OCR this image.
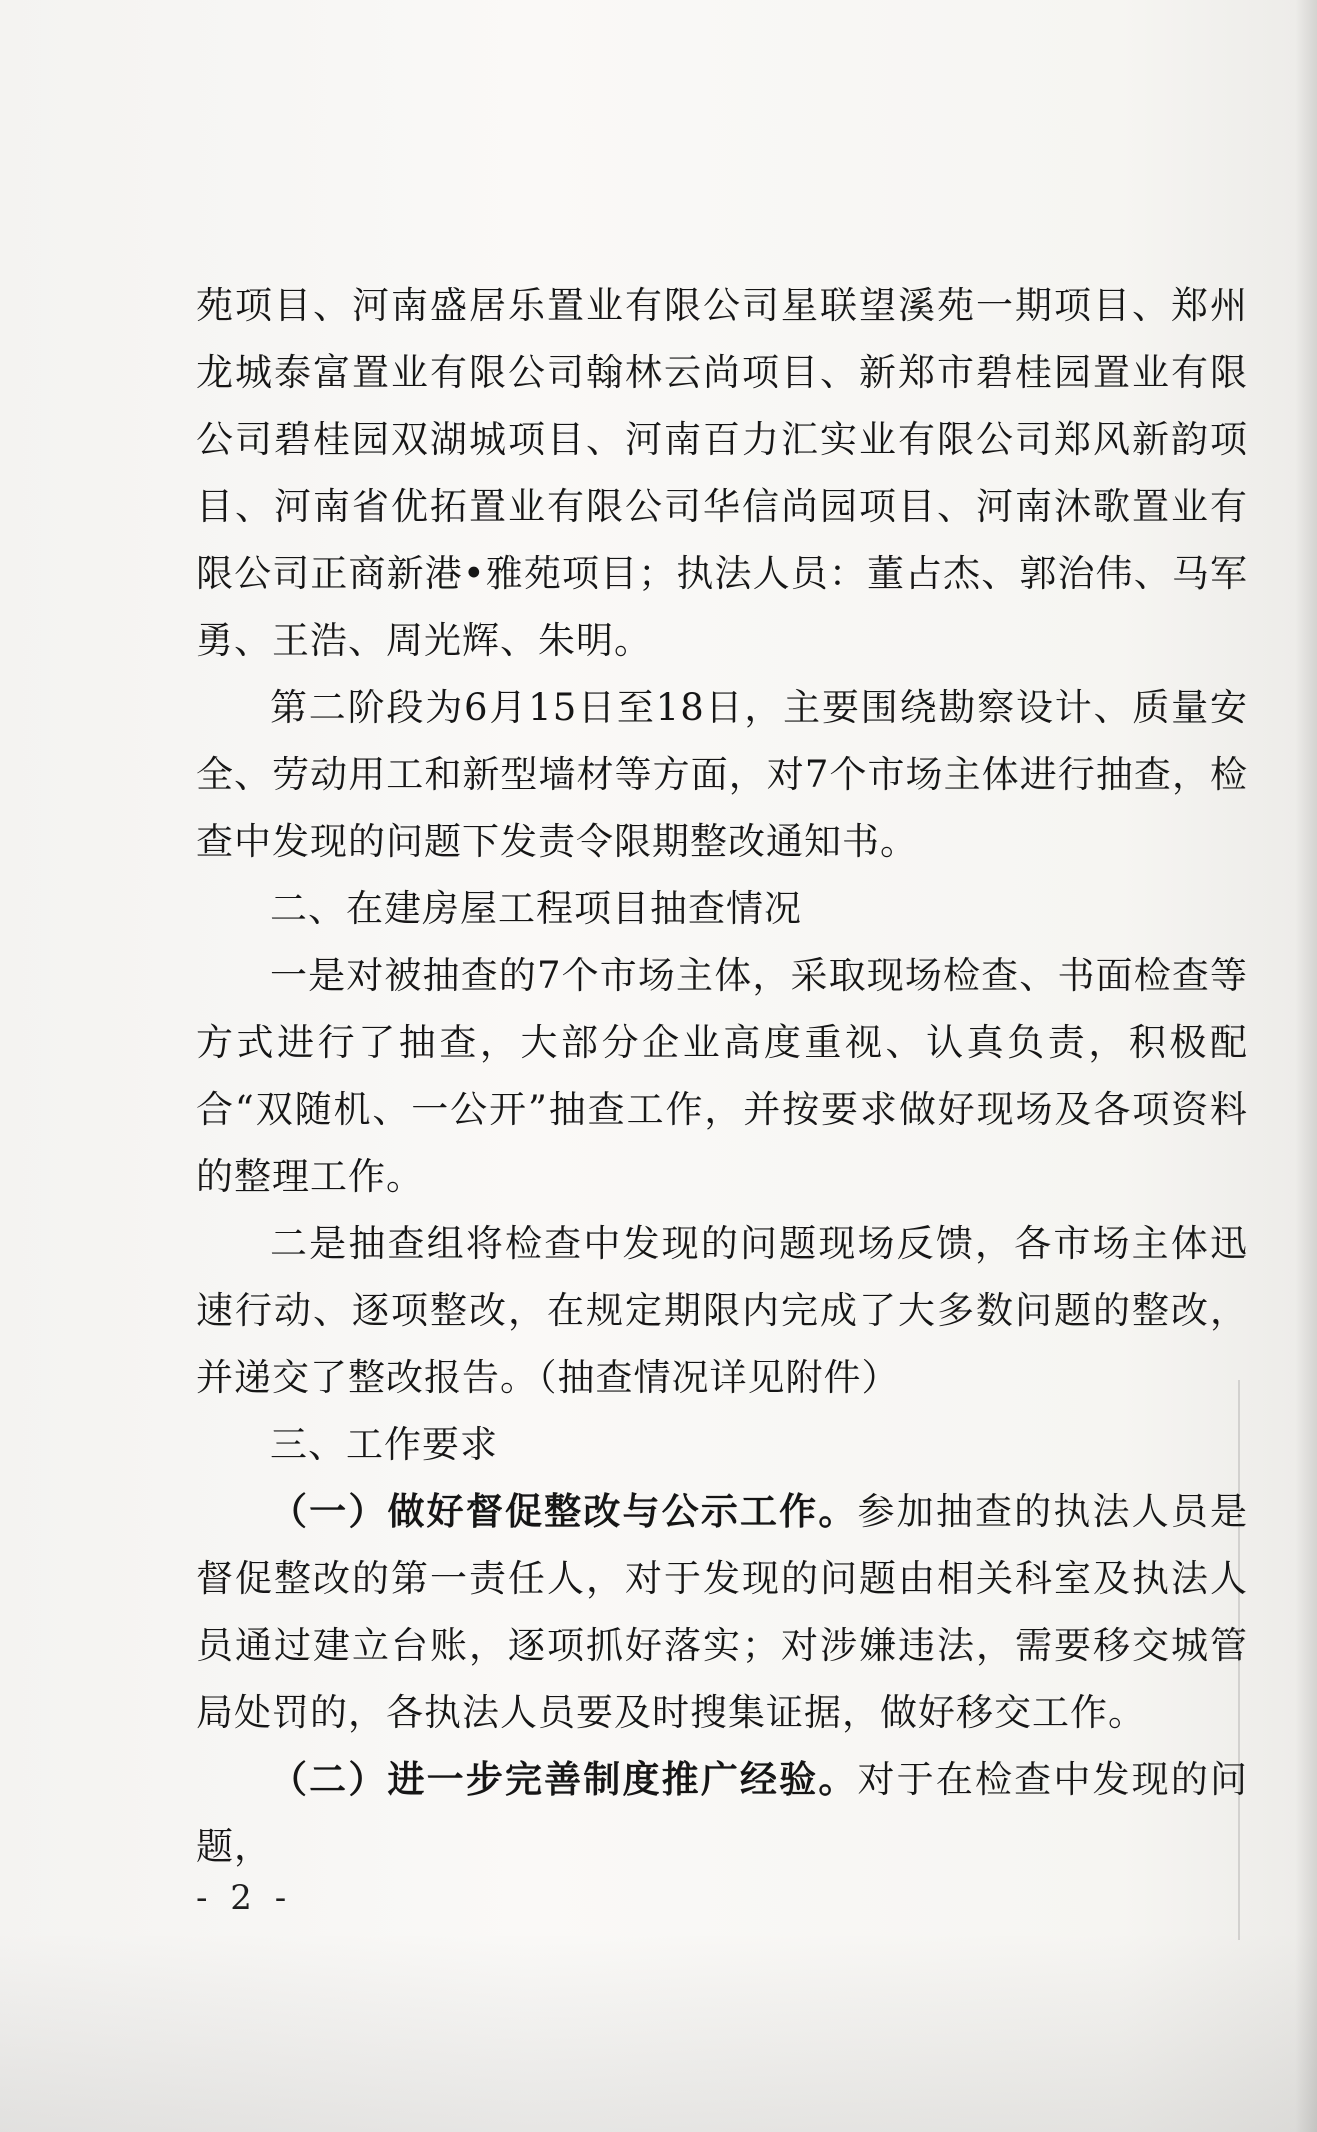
苑项目、河南盛居乐置业有限公司星联望溪苑一期项目、郑州龙城泰富置业有限公司翰林云尚项目、新郑市碧桂园置业有限公司碧桂园双湖城项目、河南百力汇实业有限公司郑风新韵项目、河南省优拓置业有限公司华信尚园项目、河南沐歌置业有限公司正商新港•雅苑项目；执法人员：董占杰、郭治伟、马军勇、王浩、周光辉、朱明。

第二阶段为6月15日至18日，主要围绕勘察设计、质量安全、劳动用工和新型墙材等方面，对7个市场主体进行抽查，检查中发现的问题下发责令限期整改通知书。

二、在建房屋工程项目抽查情况

一是对被抽查的7个市场主体，采取现场检查、书面检查等方式进行了抽查，大部分企业高度重视、认真负责，积极配合“双随机、一公开”抽查工作，并按要求做好现场及各项资料的整理工作。

二是抽查组将检查中发现的问题现场反馈，各市场主体迅速行动、逐项整改，在规定期限内完成了大多数问题的整改，并递交了整改报告。（抽查情况详见附件）

三、工作要求

（一）做好督促整改与公示工作。参加抽查的执法人员是督促整改的第一责任人，对于发现的问题由相关科室及执法人员通过建立台账，逐项抓好落实；对涉嫌违法，需要移交城管局处罚的，各执法人员要及时搜集证据，做好移交工作。

（二）进一步完善制度推广经验。对于在检查中发现的问题，

- 2 -
